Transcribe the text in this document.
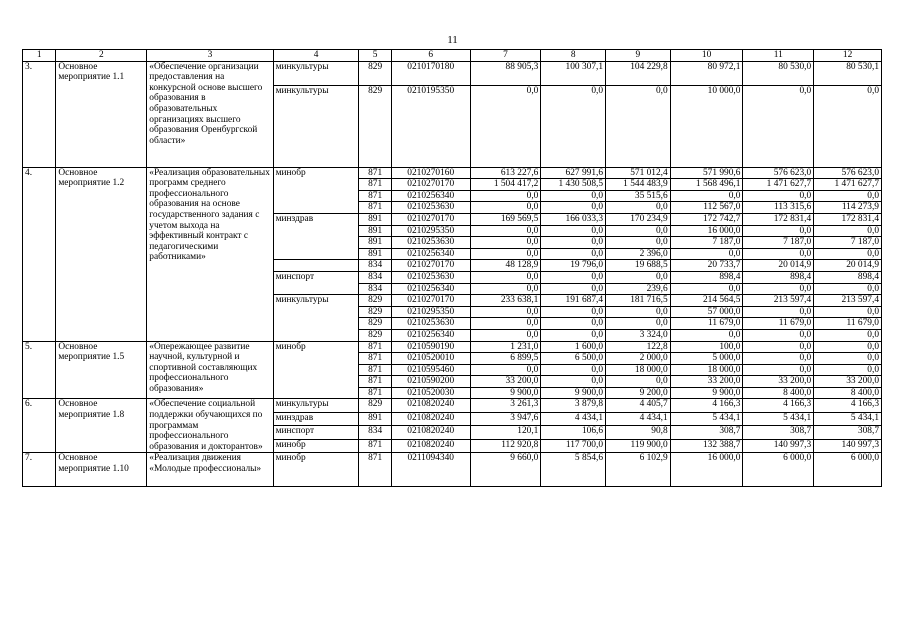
11
1	2	3	4	5	6	7	8	9	10	11	12
3.	Основное мероприятие 1.1	«Обеспечение организации предоставления на конкурсной основе высшего образования в образовательных организациях высшего образования Оренбургской области»	минкультуры	829	0210170180	88 905,3	100 307,1	104 229,8	80 972,1	80 530,0	80 530,1
			минкультуры	829	0210195350	0,0	0,0	0,0	10 000,0	0,0	0,0
4.	Основное мероприятие 1.2	«Реализация образовательных программ среднего профессионального образования на основе государственного задания с учетом выхода на эффективный контракт с педагогическими работниками»	минобр	871	0210270160	613 227,6	627 991,6	571 012,4	571 990,6	576 623,0	576 623,0
				871	0210270170	1 504 417,2	1 430 508,5	1 544 483,9	1 568 496,1	1 471 627,7	1 471 627,7
				871	0210256340	0,0	0,0	35 515,6	0,0	0,0	0,0
				871	0210253630	0,0	0,0	0,0	112 567,0	113 315,6	114 273,9
			минздрав	891	0210270170	169 569,5	166 033,3	170 234,9	172 742,7	172 831,4	172 831,4
				891	0210295350	0,0	0,0	0,0	16 000,0	0,0	0,0
				891	0210253630	0,0	0,0	0,0	7 187,0	7 187,0	7 187,0
				891	0210256340	0,0	0,0	2 396,0	0,0	0,0	0,0
				834	0210270170	48 128,9	19 796,0	19 688,5	20 733,7	20 014,9	20 014,9
			минспорт	834	0210253630	0,0	0,0	0,0	898,4	898,4	898,4
				834	0210256340	0,0	0,0	239,6	0,0	0,0	0,0
			минкультуры	829	0210270170	233 638,1	191 687,4	181 716,5	214 564,5	213 597,4	213 597,4
				829	0210295350	0,0	0,0	0,0	57 000,0	0,0	0,0
				829	0210253630	0,0	0,0	0,0	11 679,0	11 679,0	11 679,0
				829	0210256340	0,0	0,0	3 324,0	0,0	0,0	0,0
5.	Основное мероприятие 1.5	«Опережающее развитие научной, культурной и спортивной составляющих профессионального образования»	минобр	871	0210590190	1 231,0	1 600,0	122,8	100,0	0,0	0,0
				871	0210520010	6 899,5	6 500,0	2 000,0	5 000,0	0,0	0,0
				871	0210595460	0,0	0,0	18 000,0	18 000,0	0,0	0,0
				871	0210590200	33 200,0	0,0	0,0	33 200,0	33 200,0	33 200,0
				871	0210520030	9 900,0	9 900,0	9 200,0	9 900,0	8 400,0	8 400,0
6.	Основное мероприятие 1.8	«Обеспечение социальной поддержки обучающихся по программам профессионального образования и докторантов»	минкультуры	829	0210820240	3 261,3	3 879,8	4 405,7	4 166,3	4 166,3	4 166,3
			минздрав	891	0210820240	3 947,6	4 434,1	4 434,1	5 434,1	5 434,1	5 434,1
			минспорт	834	0210820240	120,1	106,6	90,8	308,7	308,7	308,7
			минобр	871	0210820240	112 920,8	117 700,0	119 900,0	132 388,7	140 997,3	140 997,3
7.	Основное мероприятие 1.10	«Реализация движения «Молодые профессионалы»	минобр	871	0211094340	9 660,0	5 854,6	6 102,9	16 000,0	6 000,0	6 000,0
